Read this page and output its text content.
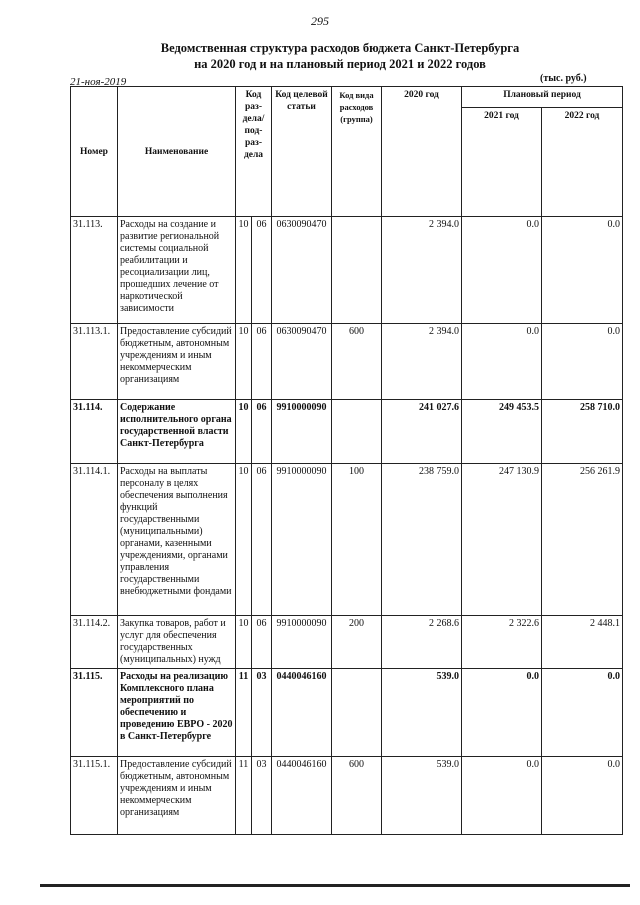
295
Ведомственная структура расходов бюджета Санкт-Петербурга
на 2020 год и на плановый период 2021 и 2022 годов
21-ноя-2019	(тыс. руб.)
Номер	Наименование	Код раз-дела/ под-раз-дела		Код целевой статьи	Код вида расходов (группа)	2020 год	Плановый период	
							2021 год	2022 год
31.113.	Расходы на создание и развитие региональной системы социальной реабилитации и ресоциализации лиц, прошедших лечение от наркотической зависимости	10	06	0630090470		2 394.0	0.0	0.0
31.113.1.	Предоставление субсидий бюджетным, автономным учреждениям и иным некоммерческим организациям	10	06	0630090470	600	2 394.0	0.0	0.0
31.114.	Содержание исполнительного органа государственной власти Санкт-Петербурга	10	06	9910000090		241 027.6	249 453.5	258 710.0
31.114.1.	Расходы на выплаты персоналу в целях обеспечения выполнения функций государственными (муниципальными) органами, казенными учреждениями, органами управления государственными внебюджетными фондами	10	06	9910000090	100	238 759.0	247 130.9	256 261.9
31.114.2.	Закупка товаров, работ и услуг для обеспечения государственных (муниципальных) нужд	10	06	9910000090	200	2 268.6	2 322.6	2 448.1
31.115.	Расходы на реализацию Комплексного плана мероприятий по обеспечению и проведению ЕВРО - 2020 в Санкт-Петербурге	11	03	0440046160		539.0	0.0	0.0
31.115.1.	Предоставление субсидий бюджетным, автономным учреждениям и иным некоммерческим организациям	11	03	0440046160	600	539.0	0.0	0.0
